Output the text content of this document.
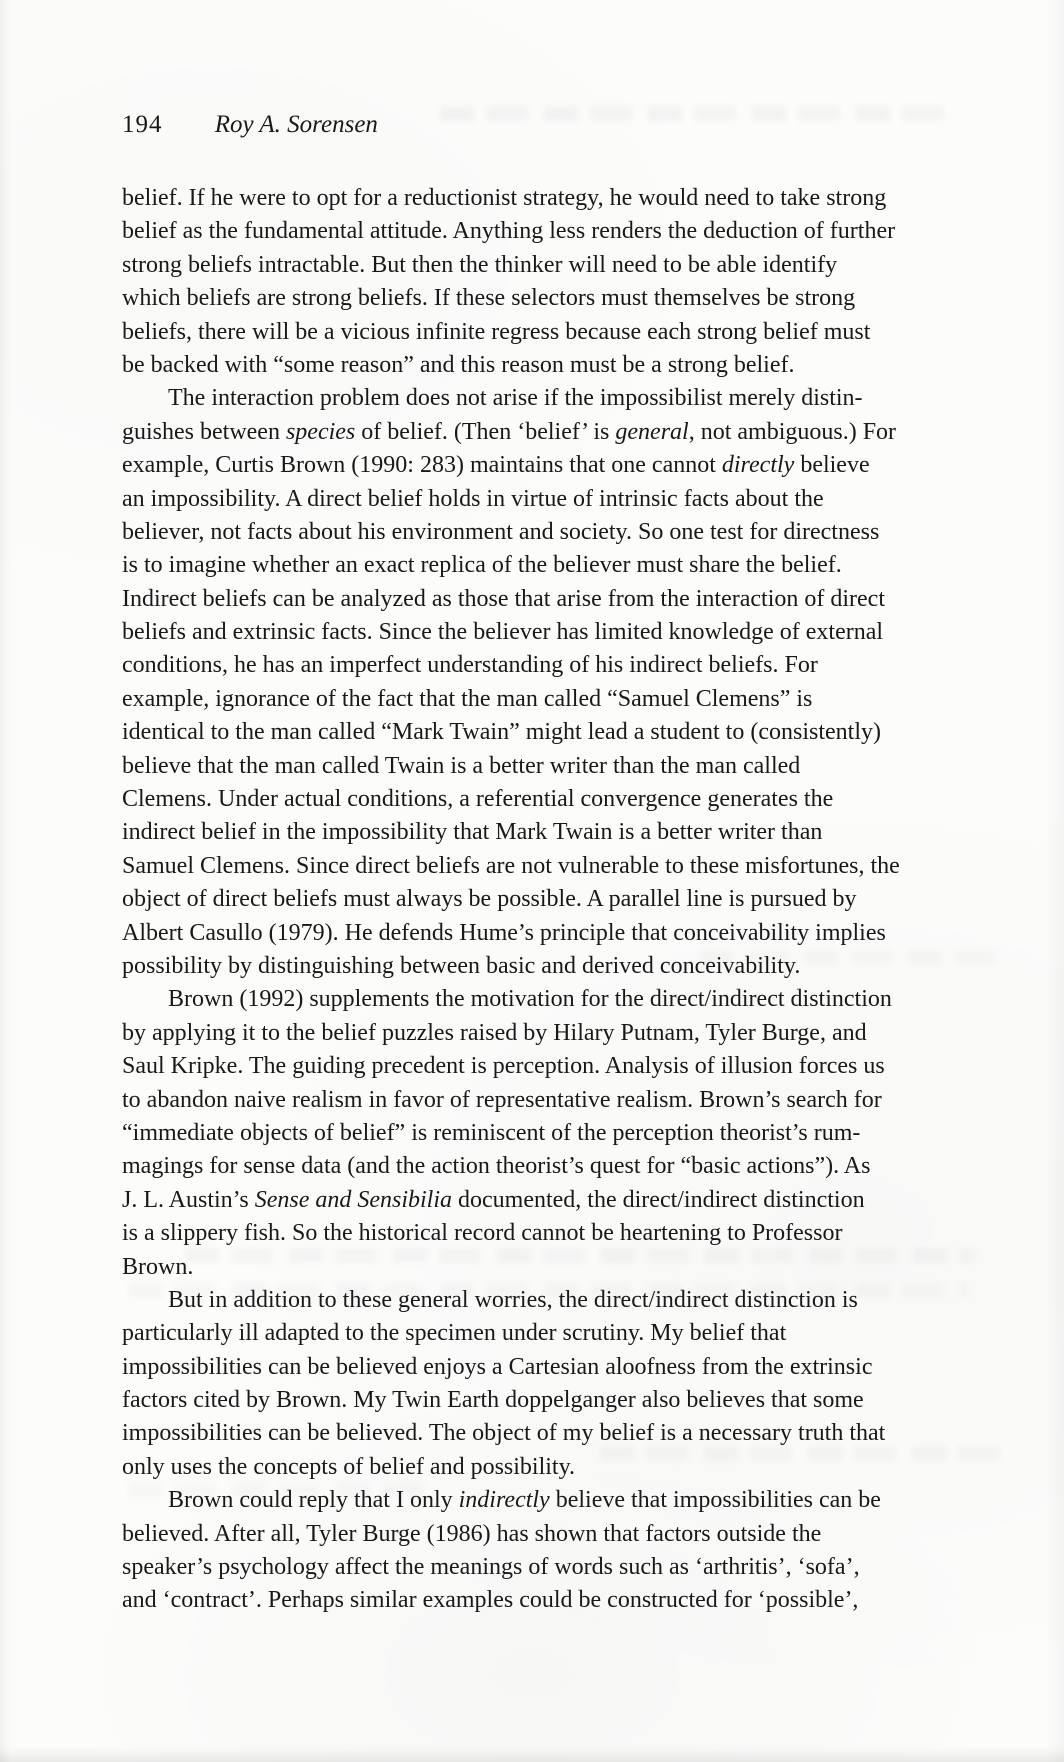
194 Roy A. Sorensen
belief. If he were to opt for a reductionist strategy, he would need to take strong
belief as the fundamental attitude. Anything less renders the deduction of further
strong beliefs intractable. But then the thinker will need to be able identify
which beliefs are strong beliefs. If these selectors must themselves be strong
beliefs, there will be a vicious infinite regress because each strong belief must
be backed with “some reason” and this reason must be a strong belief.
The interaction problem does not arise if the impossibilist merely distin-
guishes between species of belief. (Then ‘belief’ is general, not ambiguous.) For
example, Curtis Brown (1990: 283) maintains that one cannot directly believe
an impossibility. A direct belief holds in virtue of intrinsic facts about the
believer, not facts about his environment and society. So one test for directness
is to imagine whether an exact replica of the believer must share the belief.
Indirect beliefs can be analyzed as those that arise from the interaction of direct
beliefs and extrinsic facts. Since the believer has limited knowledge of external
conditions, he has an imperfect understanding of his indirect beliefs. For
example, ignorance of the fact that the man called “Samuel Clemens” is
identical to the man called “Mark Twain” might lead a student to (consistently)
believe that the man called Twain is a better writer than the man called
Clemens. Under actual conditions, a referential convergence generates the
indirect belief in the impossibility that Mark Twain is a better writer than
Samuel Clemens. Since direct beliefs are not vulnerable to these misfortunes, the
object of direct beliefs must always be possible. A parallel line is pursued by
Albert Casullo (1979). He defends Hume’s principle that conceivability implies
possibility by distinguishing between basic and derived conceivability.
Brown (1992) supplements the motivation for the direct/indirect distinction
by applying it to the belief puzzles raised by Hilary Putnam, Tyler Burge, and
Saul Kripke. The guiding precedent is perception. Analysis of illusion forces us
to abandon naive realism in favor of representative realism. Brown’s search for
“immediate objects of belief” is reminiscent of the perception theorist’s rum-
magings for sense data (and the action theorist’s quest for “basic actions”). As
J. L. Austin’s Sense and Sensibilia documented, the direct/indirect distinction
is a slippery fish. So the historical record cannot be heartening to Professor
Brown.
But in addition to these general worries, the direct/indirect distinction is
particularly ill adapted to the specimen under scrutiny. My belief that
impossibilities can be believed enjoys a Cartesian aloofness from the extrinsic
factors cited by Brown. My Twin Earth doppelganger also believes that some
impossibilities can be believed. The object of my belief is a necessary truth that
only uses the concepts of belief and possibility.
Brown could reply that I only indirectly believe that impossibilities can be
believed. After all, Tyler Burge (1986) has shown that factors outside the
speaker’s psychology affect the meanings of words such as ‘arthritis’, ‘sofa’,
and ‘contract’. Perhaps similar examples could be constructed for ‘possible’,
